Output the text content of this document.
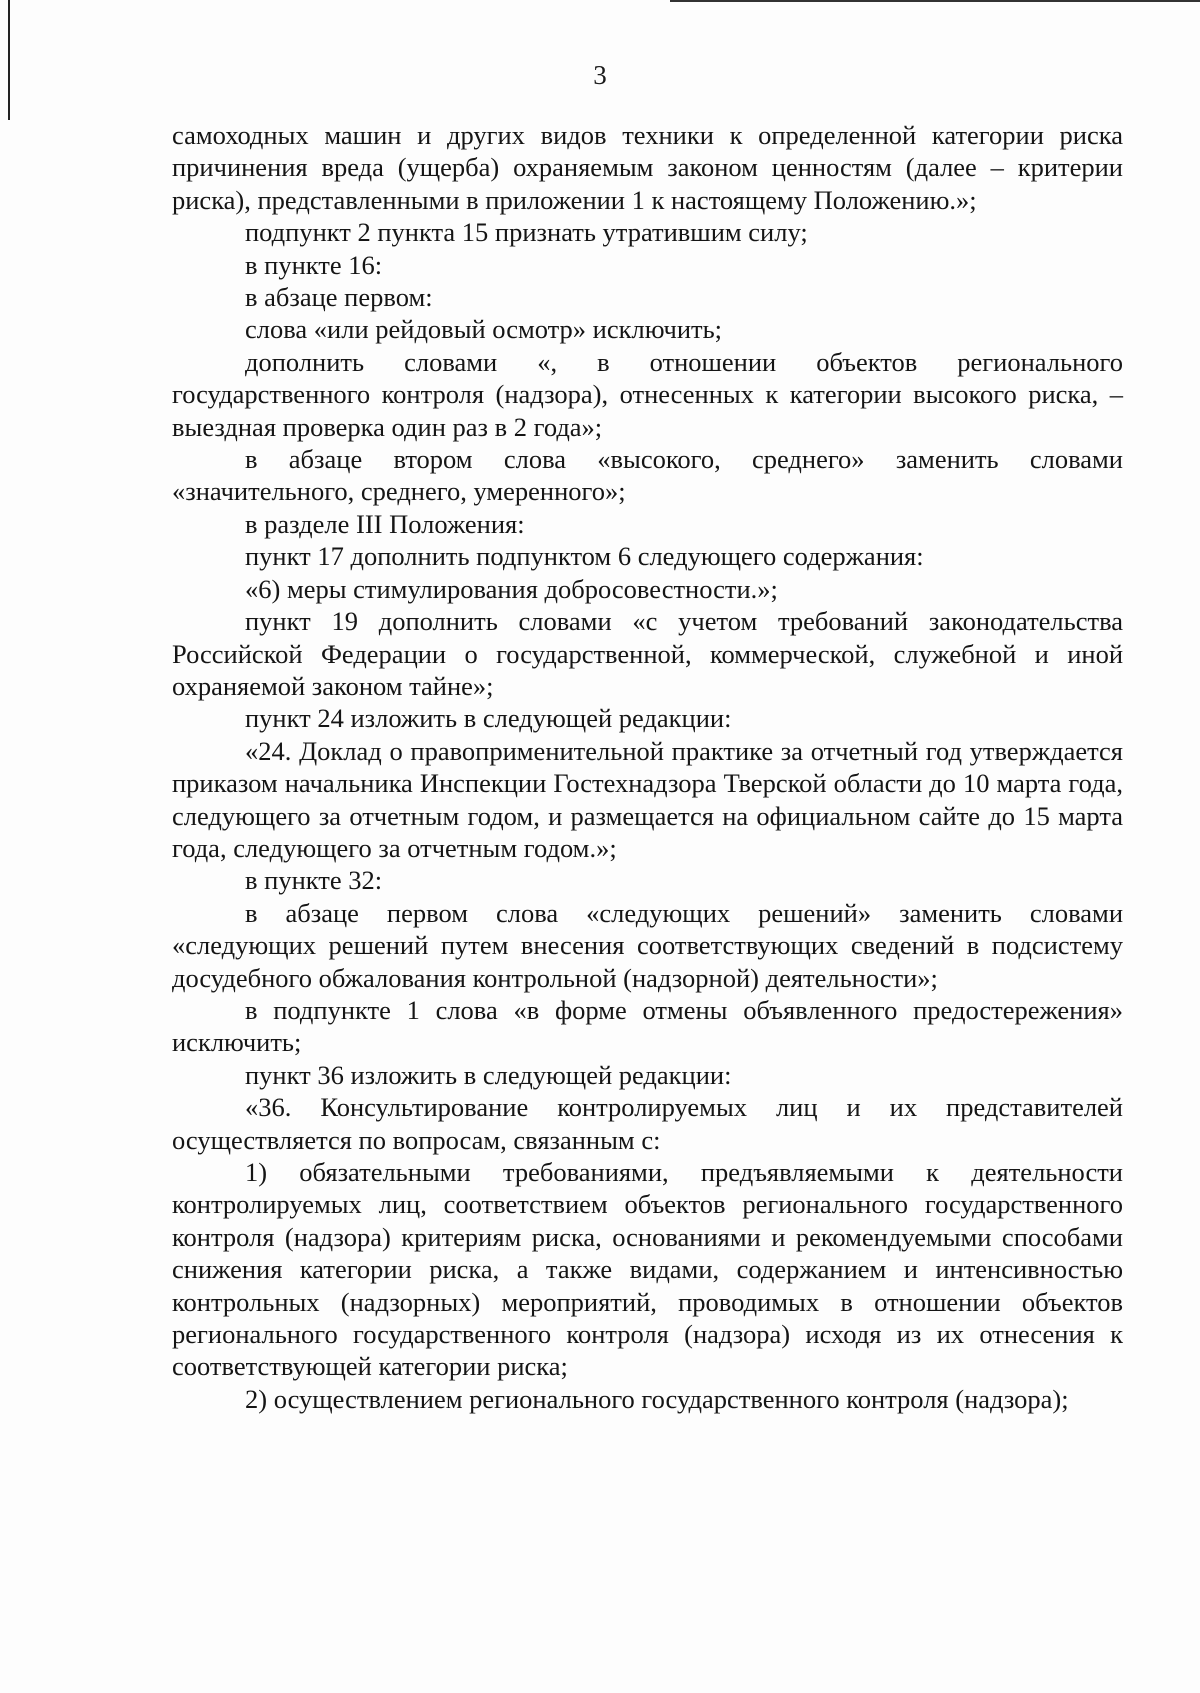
3

самоходных машин и других видов техники к определенной категории риска причинения вреда (ущерба) охраняемым законом ценностям (далее – критерии риска), представленными в приложении 1 к настоящему Положению.»;

подпункт 2 пункта 15 признать утратившим силу;

в пункте 16:

в абзаце первом:

слова «или рейдовый осмотр» исключить;

дополнить словами «, в отношении объектов регионального государственного контроля (надзора), отнесенных к категории высокого риска, – выездная проверка один раз в 2 года»;

в абзаце втором слова «высокого, среднего» заменить словами «значительного, среднего, умеренного»;

в разделе III Положения:

пункт 17 дополнить подпунктом 6 следующего содержания:

«6) меры стимулирования добросовестности.»;

пункт 19 дополнить словами «с учетом требований законодательства Российской Федерации о государственной, коммерческой, служебной и иной охраняемой законом тайне»;

пункт 24 изложить в следующей редакции:

«24. Доклад о правоприменительной практике за отчетный год утверждается приказом начальника Инспекции Гостехнадзора Тверской области до 10 марта года, следующего за отчетным годом, и размещается на официальном сайте до 15 марта года, следующего за отчетным годом.»;

в пункте 32:

в абзаце первом слова «следующих решений» заменить словами «следующих решений путем внесения соответствующих сведений в подсистему досудебного обжалования контрольной (надзорной) деятельности»;

в подпункте 1 слова «в форме отмены объявленного предостережения» исключить;

пункт 36 изложить в следующей редакции:

«36. Консультирование контролируемых лиц и их представителей осуществляется по вопросам, связанным с:

1) обязательными требованиями, предъявляемыми к деятельности контролируемых лиц, соответствием объектов регионального государственного контроля (надзора) критериям риска, основаниями и рекомендуемыми способами снижения категории риска, а также видами, содержанием и интенсивностью контрольных (надзорных) мероприятий, проводимых в отношении объектов регионального государственного контроля (надзора) исходя из их отнесения к соответствующей категории риска;

2) осуществлением регионального государственного контроля (надзора);
